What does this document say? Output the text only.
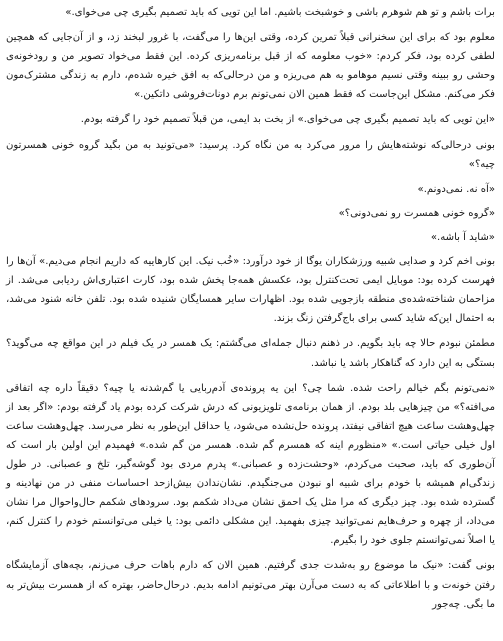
برات باشم و تو هم شوهرم باشی و خوشبخت باشیم. اما این تویی که باید تصمیم بگیری چی می‌خوای.»

معلوم بود که برای این سخنرانی قبلاً تمرین کرده، وقتی این‌ها را می‌گفت، با غرور لبخند زد، و از آن‌جایی که همچین لطفی کرده بود، فکر کردم: «خوب معلومه که از قبل برنامه‌ریزی کرده. این فقط می‌خواد تصویر من و رودخونه‌ی وحشی رو ببینه وقتی نسیم موهامو به هم می‌ریزه و من درحالی‌که به افق خیره شده‌م، دارم به زندگی مشترک‌مون فکر می‌کنم. مشکل این‌جاست که فقط همین الان نمی‌تونم برم دونات‌فروشی داتکین.»

«این تویی که باید تصمیم بگیری چی می‌خوای.» از بخت بد ایمی، من قبلاً تصمیم خود را گرفته بودم.

بونی درحالی‌که نوشته‌هایش را مرور می‌کرد به من نگاه کرد. پرسید: «می‌تونید به من بگید گروه خونی همسرتون چیه؟»

«آه نه. نمی‌دونم.»

«گروه خونی همسرت رو نمی‌دونی؟»

«شاید آ باشه.»

بونی اخم کرد و صدایی شبیه ورزشکاران یوگا از خود درآورد: «خُب نیک. این کارهاییه که داریم انجام می‌دیم.» آن‌ها را فهرست کرده بود: موبایل ایمی تحت‌کنترل بود، عکسش همه‌جا پخش شده بود، کارت اعتباری‌اش ردیابی می‌شد. از مزاحمان شناخته‌شده‌ی منطقه بازجویی شده بود. اظهارات سایر همسایگان شنیده شده بود. تلفن خانه شنود می‌شد، به احتمال این‌که شاید کسی برای باج‌گرفتن زنگ بزند.

مطمئن نبودم حالا چه باید بگویم. در ذهنم دنبال جمله‌ای می‌گشتم: یک همسر در یک فیلم در این مواقع چه می‌گوید؟ بستگی به این دارد که گناهکار باشد یا نباشد.

«نمی‌تونم بگم خیالم راحت شده. شما چی؟ این یه پرونده‌ی آدم‌ربایی یا گم‌شدنه یا چیه؟ دقیقاً داره چه اتفاقی می‌افته؟» من چیزهایی بلد بودم. از همان برنامه‌ی تلویزیونی که درش شرکت کرده بودم یاد گرفته بودم: «اگر بعد از چهل‌وهشت ساعت هیچ اتفاقی نیفتد، پرونده حل‌نشده می‌شود، یا حداقل این‌طور به نظر می‌رسد. چهل‌وهشت ساعت اول خیلی حیاتی است.» «منظورم اینه که همسرم گم شده. همسر من گم شده.» فهمیدم این اولین بار است که آن‌طوری که باید، صحبت می‌کردم، «وحشت‌زده و عصبانی.» پدرم مردی بود گوشه‌گیر، تلخ و عصبانی. در طول زندگی‌ام همیشه با خودم برای شبیه او نبودن می‌جنگیدم. نشان‌ندادن بیش‌ازحد احساسات منفی در من نهادینه و گسترده شده بود. چیز دیگری که مرا مثل یک احمق نشان می‌داد شکمم بود. سرودهای شکمم حال‌واحوال مرا نشان می‌داد، از چهره و حرف‌هایم نمی‌توانید چیزی بفهمید. این مشکلی دائمی بود: یا خیلی می‌توانستم خودم را کنترل کنم، یا اصلاً نمی‌توانستم جلوی خود را بگیرم.

بونی گفت: «نیک ما موضوع رو به‌شدت جدی گرفتیم. همین الان که دارم باهات حرف می‌زنم، بچه‌های آزمایشگاه رفتن خونه‌ت و با اطلاعاتی که به دست می‌آرن بهتر می‌تونیم ادامه بدیم. درحال‌حاضر، بهتره که از همسرت بیش‌تر به ما بگی. چه‌جور
